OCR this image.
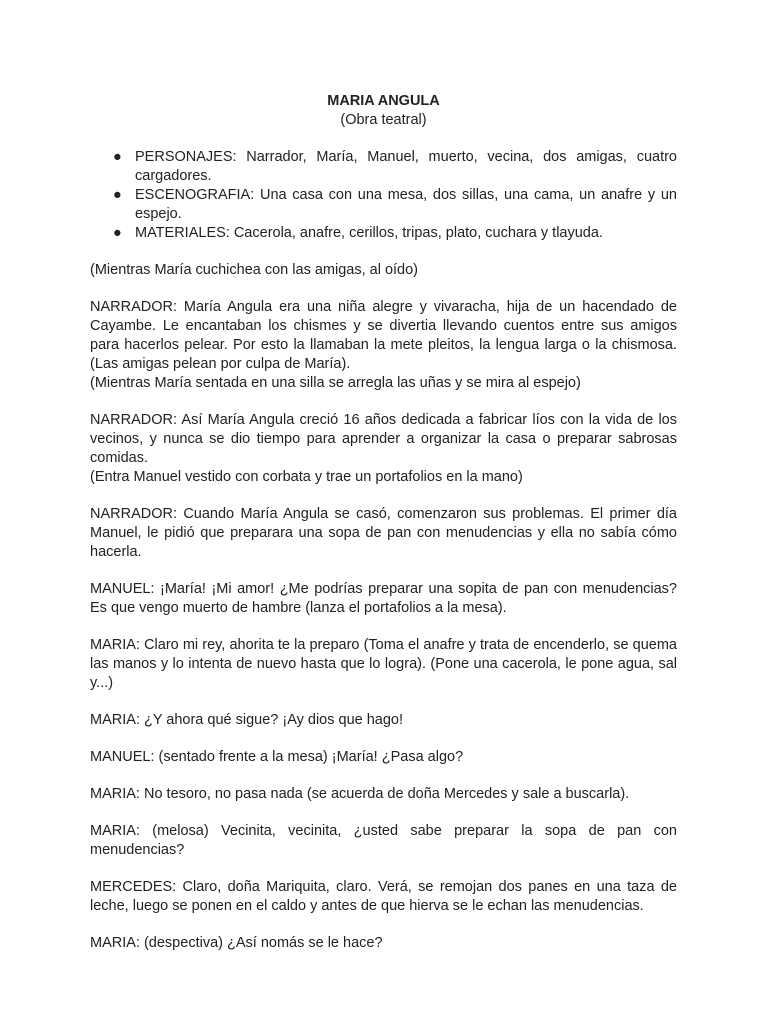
MARIA ANGULA

(Obra teatral)

● PERSONAJES: Narrador, María, Manuel, muerto, vecina, dos amigas, cuatro cargadores.
● ESCENOGRAFIA: Una casa con una mesa, dos sillas, una cama, un anafre y un espejo.
● MATERIALES: Cacerola, anafre, cerillos, tripas, plato, cuchara y tlayuda.

(Mientras María cuchichea con las amigas, al oído)

NARRADOR: María Angula era una niña alegre y vivaracha, hija de un hacendado de Cayambe. Le encantaban los chismes y se divertia llevando cuentos entre sus amigos para hacerlos pelear. Por esto la llamaban la mete pleitos, la lengua larga o la chismosa. (Las amigas pelean por culpa de María).
(Mientras María sentada en una silla se arregla las uñas y se mira al espejo)

NARRADOR: Así María Angula creció 16 años dedicada a fabricar líos con la vida de los vecinos, y nunca se dio tiempo para aprender a organizar la casa o preparar sabrosas comidas.
(Entra Manuel vestido con corbata y trae un portafolios en la mano)

NARRADOR: Cuando María Angula se casó, comenzaron sus problemas. El primer día Manuel, le pidió que preparara una sopa de pan con menudencias y ella no sabía cómo hacerla.

MANUEL: ¡María! ¡Mi amor! ¿Me podrías preparar una sopita de pan con menudencias? Es que vengo muerto de hambre (lanza el portafolios a la mesa).

MARIA: Claro mi rey, ahorita te la preparo (Toma el anafre y trata de encenderlo, se quema las manos y lo intenta de nuevo hasta que lo logra). (Pone una cacerola, le pone agua, sal y...)

MARIA: ¿Y ahora qué sigue? ¡Ay dios que hago!

MANUEL: (sentado frente a la mesa) ¡María! ¿Pasa algo?

MARIA: No tesoro, no pasa nada (se acuerda de doña Mercedes y sale a buscarla).

MARIA: (melosa) Vecinita, vecinita, ¿usted sabe preparar la sopa de pan con menudencias?

MERCEDES: Claro, doña Mariquita, claro. Verá, se remojan dos panes en una taza de leche, luego se ponen en el caldo y antes de que hierva se le echan las menudencias.

MARIA: (despectiva) ¿Así nomás se le hace?
